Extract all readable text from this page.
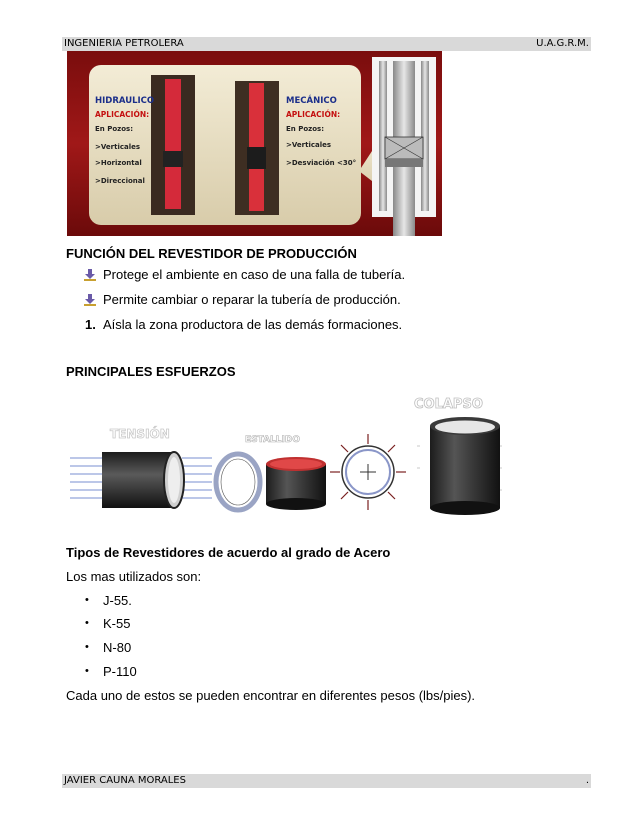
INGENIERIA PETROLERA	U.A.G.R.M.
HIDRAULICO
APLICACIÓN:
En Pozos:
>Verticales
>Horizontal
>Direccional
MECÁNICO
APLICACIÓN:
En Pozos:
>Verticales
>Desviación <30°
FUNCIÓN DEL REVESTIDOR DE PRODUCCIÓN
Protege el ambiente en caso de una falla de tubería.
Permite cambiar o reparar la tubería de producción.
1. Aísla la zona productora de las demás formaciones.
PRINCIPALES ESFUERZOS
TENSIÓN	ESTALLIDO
COLAPSO
Tipos de Revestidores de acuerdo al grado de Acero
Los mas utilizados son:
• J-55.
• K-55
• N-80
• P-110
Cada uno de estos se pueden encontrar en diferentes pesos (lbs/pies).
JAVIER CAUNA MORALES	.
